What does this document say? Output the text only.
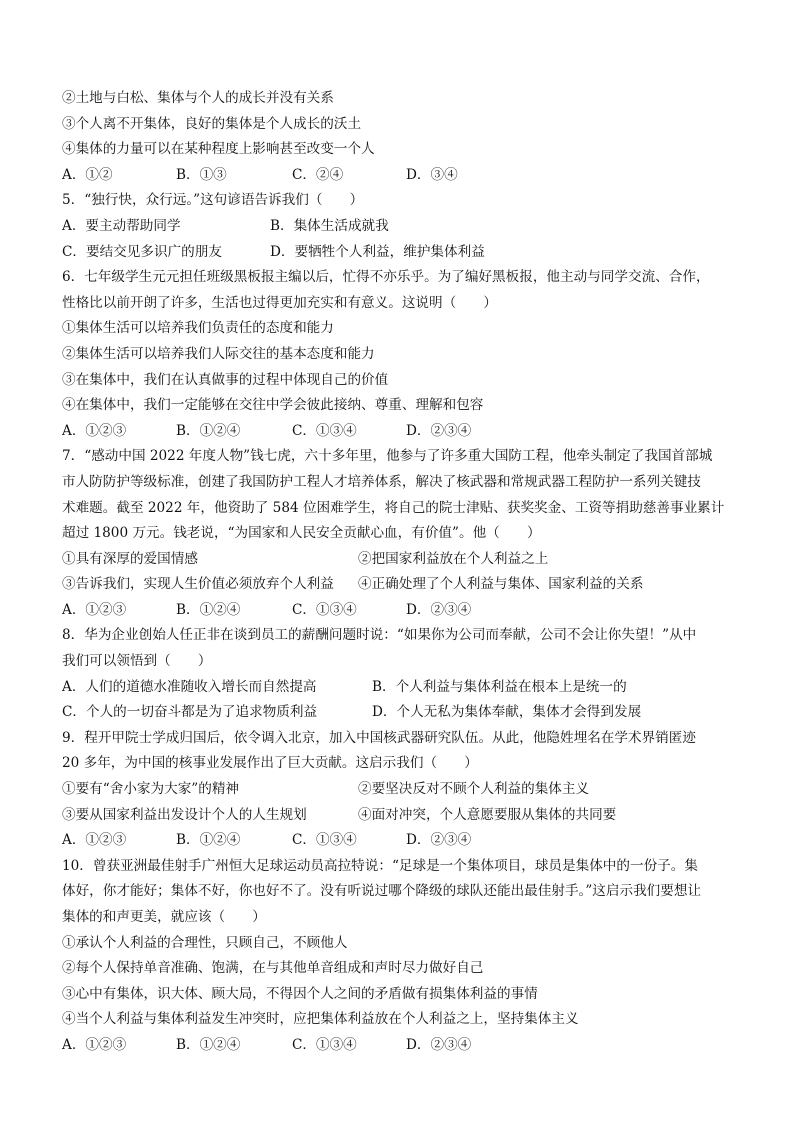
②土地与白松、集体与个人的成长并没有关系
③个人离不开集体，良好的集体是个人成长的沃土
④集体的力量可以在某种程度上影响甚至改变一个人
A．①②	B．①③	C．②④	D．③④
5．“独行快，众行远。”这句谚语告诉我们（　　）
A．要主动帮助同学	B．集体生活成就我
C．要结交见多识广的朋友	D．要牺牲个人利益，维护集体利益
6．七年级学生元元担任班级黑板报主编以后，忙得不亦乐乎。为了编好黑板报，他主动与同学交流、合作，
性格比以前开朗了许多，生活也过得更加充实和有意义。这说明（　　）
①集体生活可以培养我们负责任的态度和能力
②集体生活可以培养我们人际交往的基本态度和能力
③在集体中，我们在认真做事的过程中体现自己的价值
④在集体中，我们一定能够在交往中学会彼此接纳、尊重、理解和包容
A．①②③	B．①②④	C．①③④	D．②③④
7．“感动中国 2022 年度人物”钱七虎，六十多年里，他参与了许多重大国防工程，他牵头制定了我国首部城
市人防防护等级标准，创建了我国防护工程人才培养体系，解决了核武器和常规武器工程防护一系列关键技
术难题。截至 2022 年，他资助了 584 位困难学生，将自己的院士津贴、获奖奖金、工资等捐助慈善事业累计
超过 1800 万元。钱老说，“为国家和人民安全贡献心血，有价值”。他（　　）
①具有深厚的爱国情感	②把国家利益放在个人利益之上
③告诉我们，实现人生价值必须放弃个人利益	④正确处理了个人利益与集体、国家利益的关系
A．①②③	B．①②④	C．①③④	D．②③④
8．华为企业创始人任正非在谈到员工的薪酬问题时说：“如果你为公司而奉献，公司不会让你失望！”从中
我们可以领悟到（　　）
A．人们的道德水准随收入增长而自然提高	B．个人利益与集体利益在根本上是统一的
C．个人的一切奋斗都是为了追求物质利益	D．个人无私为集体奉献，集体才会得到发展
9．程开甲院士学成归国后，依令调入北京，加入中国核武器研究队伍。从此，他隐姓埋名在学术界销匿迹
20 多年，为中国的核事业发展作出了巨大贡献。这启示我们（　　）
①要有“舍小家为大家”的精神	②要坚决反对不顾个人利益的集体主义
③要从国家利益出发设计个人的人生规划	④面对冲突，个人意愿要服从集体的共同要
A．①②③	B．①②④	C．①③④	D．②③④
10．曾获亚洲最佳射手广州恒大足球运动员高拉特说：“足球是一个集体项目，球员是集体中的一份子。集
体好，你才能好；集体不好，你也好不了。没有听说过哪个降级的球队还能出最佳射手。”这启示我们要想让
集体的和声更美，就应该（　　）
①承认个人利益的合理性，只顾自己，不顾他人
②每个人保持单音准确、饱满，在与其他单音组成和声时尽力做好自己
③心中有集体，识大体、顾大局，不得因个人之间的矛盾做有损集体利益的事情
④当个人利益与集体利益发生冲突时，应把集体利益放在个人利益之上，坚持集体主义
A．①②③	B．①②④	C．①③④	D．②③④
